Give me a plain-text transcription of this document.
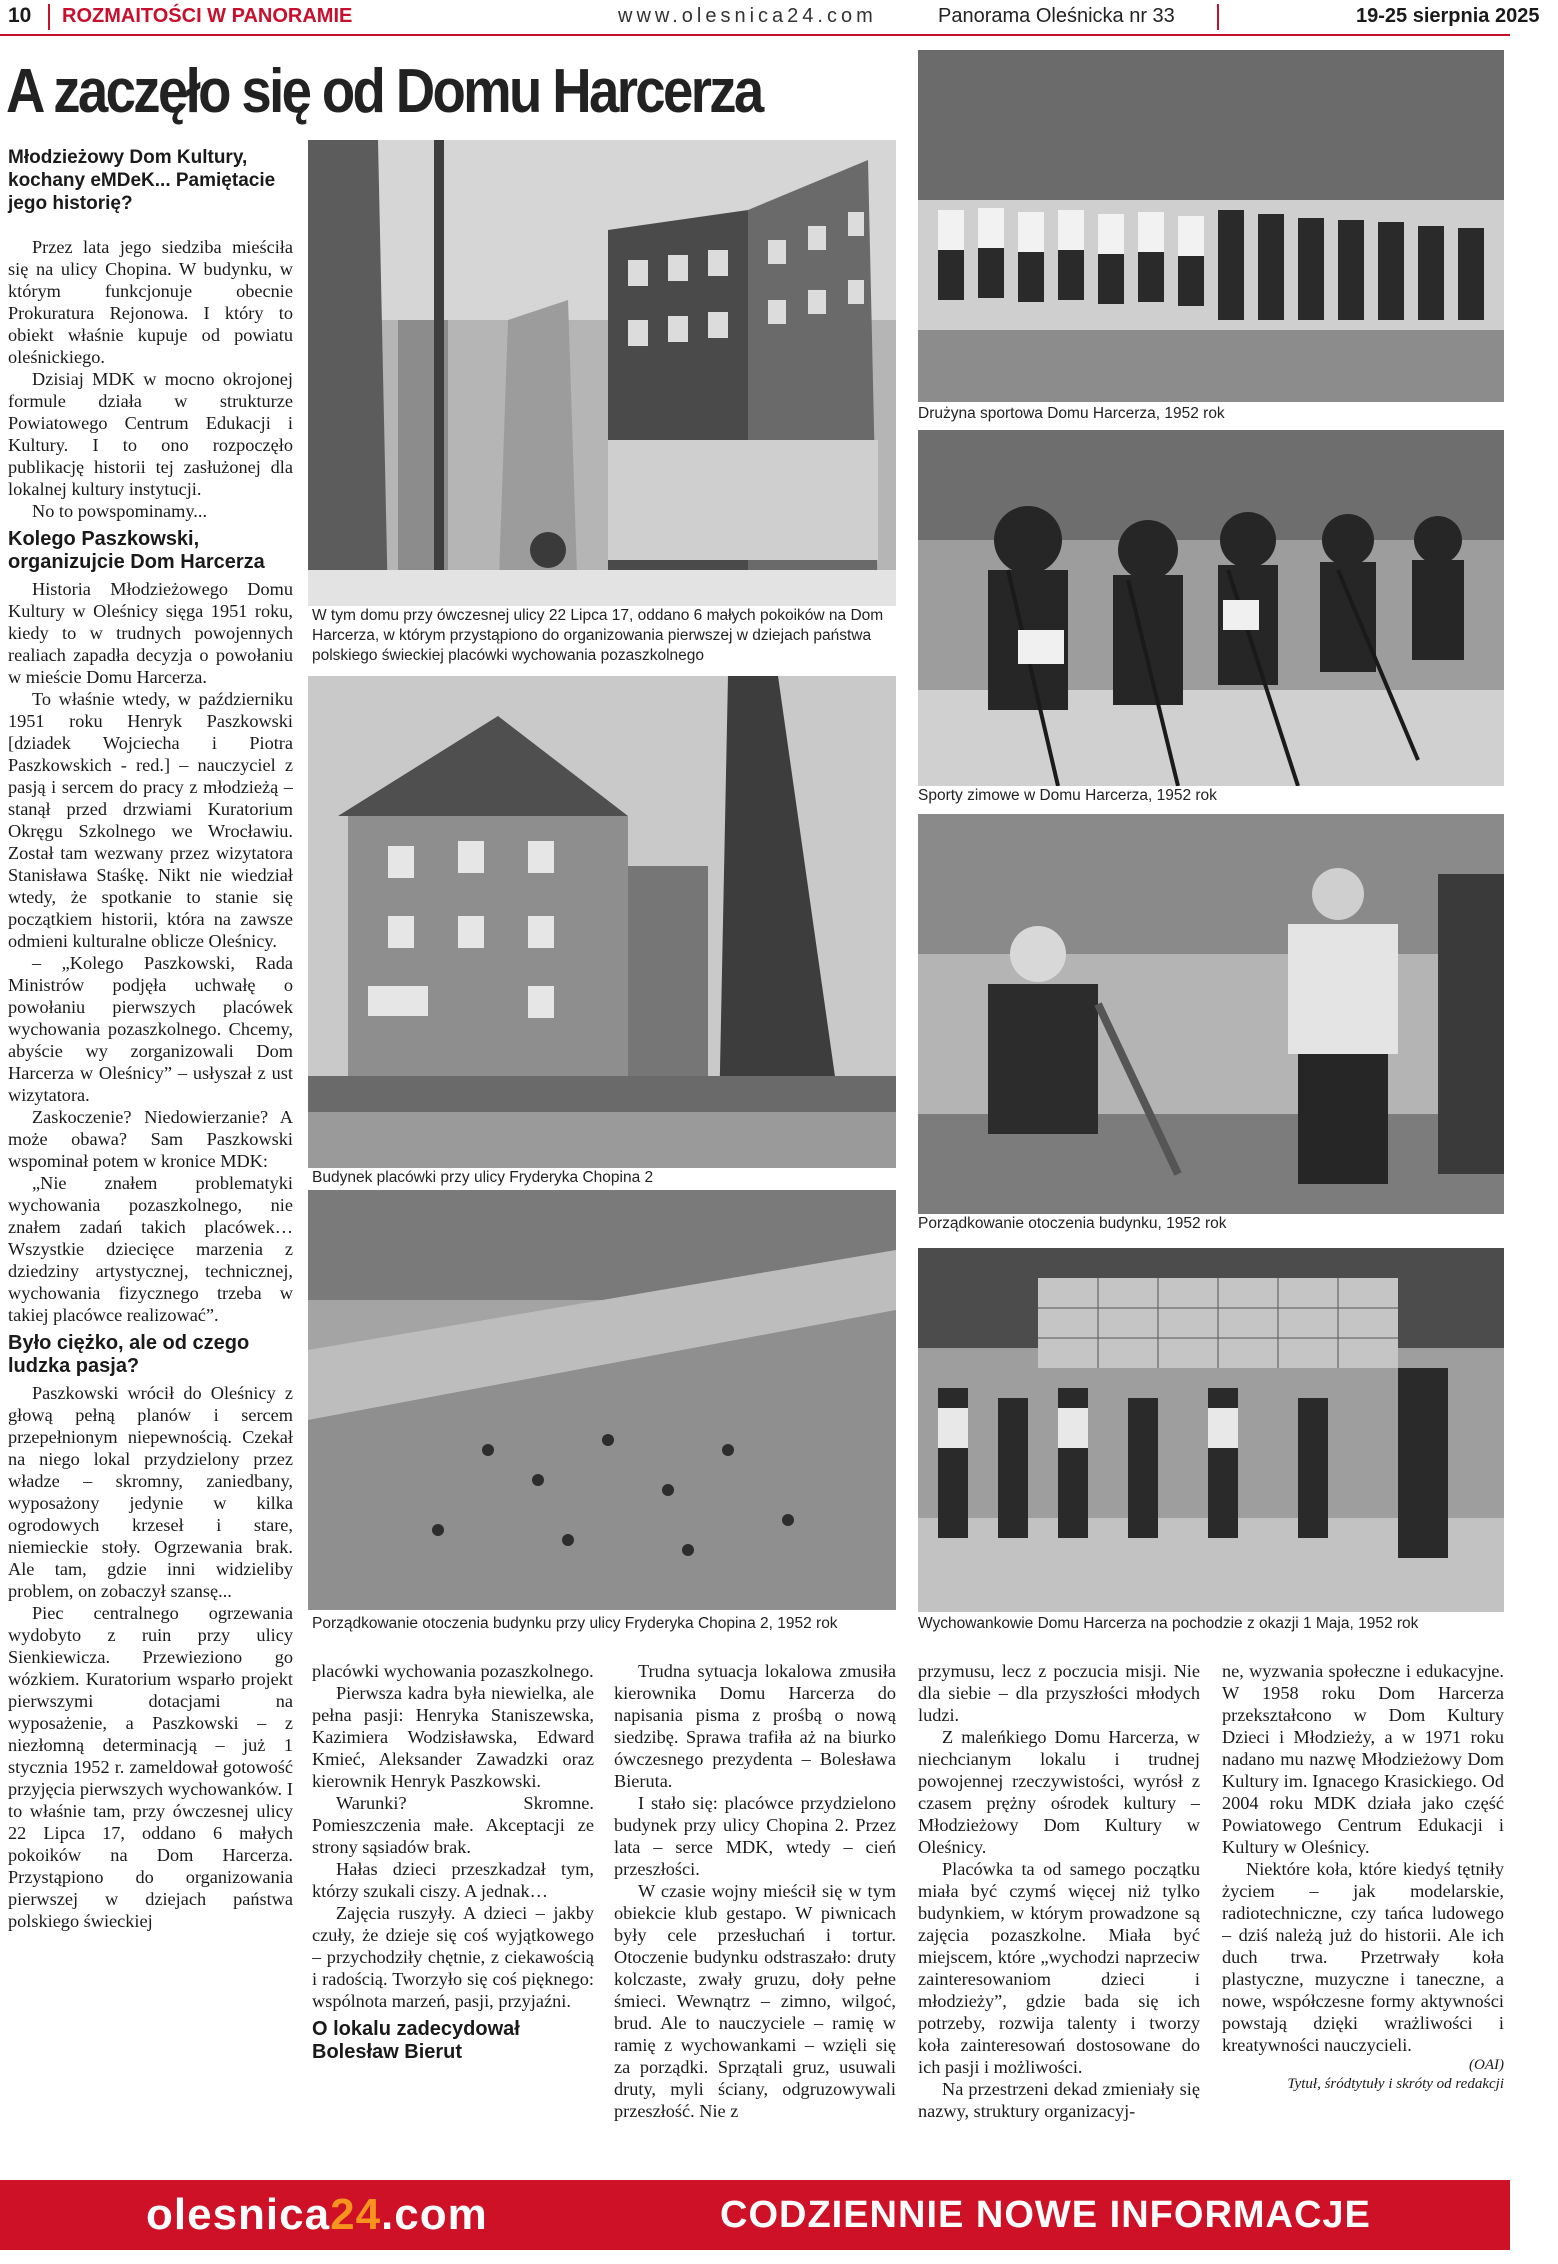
10 ROZMAITOŚCI W PANORAMIE	www.olesnica24.com	Panorama Oleśnicka nr 33	19-25 sierpnia 2025
A zaczęło się od Domu Harcerza
Młodzieżowy Dom Kultury, kochany eMDeK... Pamiętacie jego historię?

Przez lata jego siedziba mieściła się na ulicy Chopina. W budynku, w którym funkcjonuje obecnie Prokuratura Rejonowa. I który to obiekt właśnie kupuje od powiatu oleśnickiego.

Dzisiaj MDK w mocno okrojonej formule działa w strukturze Powiatowego Centrum Edukacji i Kultury. I to ono rozpoczęło publikację historii tej zasłużonej dla lokalnej kultury instytucji.

No to powspominamy...

Kolego Paszkowski, organizujcie Dom Harcerza

Historia Młodzieżowego Domu Kultury w Oleśnicy sięga 1951 roku, kiedy to w trudnych powojennych realiach zapadła decyzja o powołaniu w mieście Domu Harcerza.

To właśnie wtedy, w październiku 1951 roku Henryk Paszkowski [dziadek Wojciecha i Piotra Paszkowskich - red.] – nauczyciel z pasją i sercem do pracy z młodzieżą – stanął przed drzwiami Kuratorium Okręgu Szkolnego we Wrocławiu. Został tam wezwany przez wizytatora Stanisława Staśkę. Nikt nie wiedział wtedy, że spotkanie to stanie się początkiem historii, która na zawsze odmieni kulturalne oblicze Oleśnicy.

– „Kolego Paszkowski, Rada Ministrów podjęła uchwałę o powołaniu pierwszych placówek wychowania pozaszkolnego. Chcemy, abyście wy zorganizowali Dom Harcerza w Oleśnicy” – usłyszał z ust wizytatora.

Zaskoczenie? Niedowierzanie? A może obawa? Sam Paszkowski wspominał potem w kronice MDK:

„Nie znałem problematyki wychowania pozaszkolnego, nie znałem zadań takich placówek… Wszystkie dziecięce marzenia z dziedziny artystycznej, technicznej, wychowania fizycznego trzeba w takiej placówce realizować”.

Było ciężko, ale od czego ludzka pasja?

Paszkowski wrócił do Oleśnicy z głową pełną planów i sercem przepełnionym niepewnością. Czekał na niego lokal przydzielony przez władze – skromny, zaniedbany, wyposażony jedynie w kilka ogrodowych krzeseł i stare, niemieckie stoły. Ogrzewania brak. Ale tam, gdzie inni widzieliby problem, on zobaczył szansę...

Piec centralnego ogrzewania wydobyto z ruin przy ulicy Sienkiewicza. Przewieziono go wózkiem. Kuratorium wsparło projekt pierwszymi dotacjami na wyposażenie, a Paszkowski – z niezłomną determinacją – już 1 stycznia 1952 r. zameldował gotowość przyjęcia pierwszych wychowanków. I to właśnie tam, przy ówczesnej ulicy 22 Lipca 17, oddano 6 małych pokoików na Dom Harcerza. Przystąpiono do organizowania pierwszej w dziejach państwa polskiego świeckiej

placówki wychowania pozaszkolnego.

Pierwsza kadra była niewielka, ale pełna pasji: Henryka Staniszewska, Kazimiera Wodzisławska, Edward Kmieć, Aleksander Zawadzki oraz kierownik Henryk Paszkowski.

Warunki? Skromne. Pomieszczenia małe. Akceptacji ze strony sąsiadów brak.

Hałas dzieci przeszkadzał tym, którzy szukali ciszy. A jednak…

Zajęcia ruszyły. A dzieci – jakby czuły, że dzieje się coś wyjątkowego – przychodziły chętnie, z ciekawością i radością. Tworzyło się coś pięknego: wspólnota marzeń, pasji, przyjaźni.

O lokalu zadecydował Bolesław Bierut

Trudna sytuacja lokalowa zmusiła kierownika Domu Harcerza do napisania pisma z prośbą o nową siedzibę. Sprawa trafiła aż na biurko ówczesnego prezydenta – Bolesława Bieruta.

I stało się: placówce przydzielono budynek przy ulicy Chopina 2. Przez lata – serce MDK, wtedy – cień przeszłości.

W czasie wojny mieścił się w tym obiekcie klub gestapo. W piwnicach były cele przesłuchań i tortur. Otoczenie budynku odstraszało: druty kolczaste, zwały gruzu, doły pełne śmieci. Wewnątrz – zimno, wilgoć, brud. Ale to nauczyciele – ramię w ramię z wychowankami – wzięli się za porządki. Sprzątali gruz, usuwali druty, myli ściany, odgruzowywali przeszłość. Nie z

przymusu, lecz z poczucia misji. Nie dla siebie – dla przyszłości młodych ludzi.

Z maleńkiego Domu Harcerza, w niechcianym lokalu i trudnej powojennej rzeczywistości, wyrósł z czasem prężny ośrodek kultury – Młodzieżowy Dom Kultury w Oleśnicy.

Placówka ta od samego początku miała być czymś więcej niż tylko budynkiem, w którym prowadzone są zajęcia pozaszkolne. Miała być miejscem, które „wychodzi naprzeciw zainteresowaniom dzieci i młodzieży”, gdzie bada się ich potrzeby, rozwija talenty i tworzy koła zainteresowań dostosowane do ich pasji i możliwości.

Na przestrzeni dekad zmieniały się nazwy, struktury organizacyj-

ne, wyzwania społeczne i edukacyjne. W 1958 roku Dom Harcerza przekształcono w Dom Kultury Dzieci i Młodzieży, a w 1971 roku nadano mu nazwę Młodzieżowy Dom Kultury im. Ignacego Krasickiego. Od 2004 roku MDK działa jako część Powiatowego Centrum Edukacji i Kultury w Oleśnicy.

Niektóre koła, które kiedyś tętniły życiem – jak modelarskie, radiotechniczne, czy tańca ludowego – dziś należą już do historii. Ale ich duch trwa. Przetrwały koła plastyczne, muzyczne i taneczne, a nowe, współczesne formy aktywności powstają dzięki wrażliwości i kreatywności nauczycieli.

(OAI)
Tytuł, śródtytuły i skróty od redakcji
W tym domu przy ówczesnej ulicy 22 Lipca 17, oddano 6 małych pokoików na Dom Harcerza, w którym przystąpiono do organizowania pierwszej w dziejach państwa polskiego świeckiej placówki wychowania pozaszkolnego
Budynek placówki przy ulicy Fryderyka Chopina 2
Porządkowanie otoczenia budynku przy ulicy Fryderyka Chopina 2, 1952 rok
Drużyna sportowa Domu Harcerza, 1952 rok
Sporty zimowe w Domu Harcerza, 1952 rok
Porządkowanie otoczenia budynku, 1952 rok
Wychowankowie Domu Harcerza na pochodzie z okazji 1 Maja, 1952 rok
olesnica24.com	CODZIENNIE NOWE INFORMACJE
